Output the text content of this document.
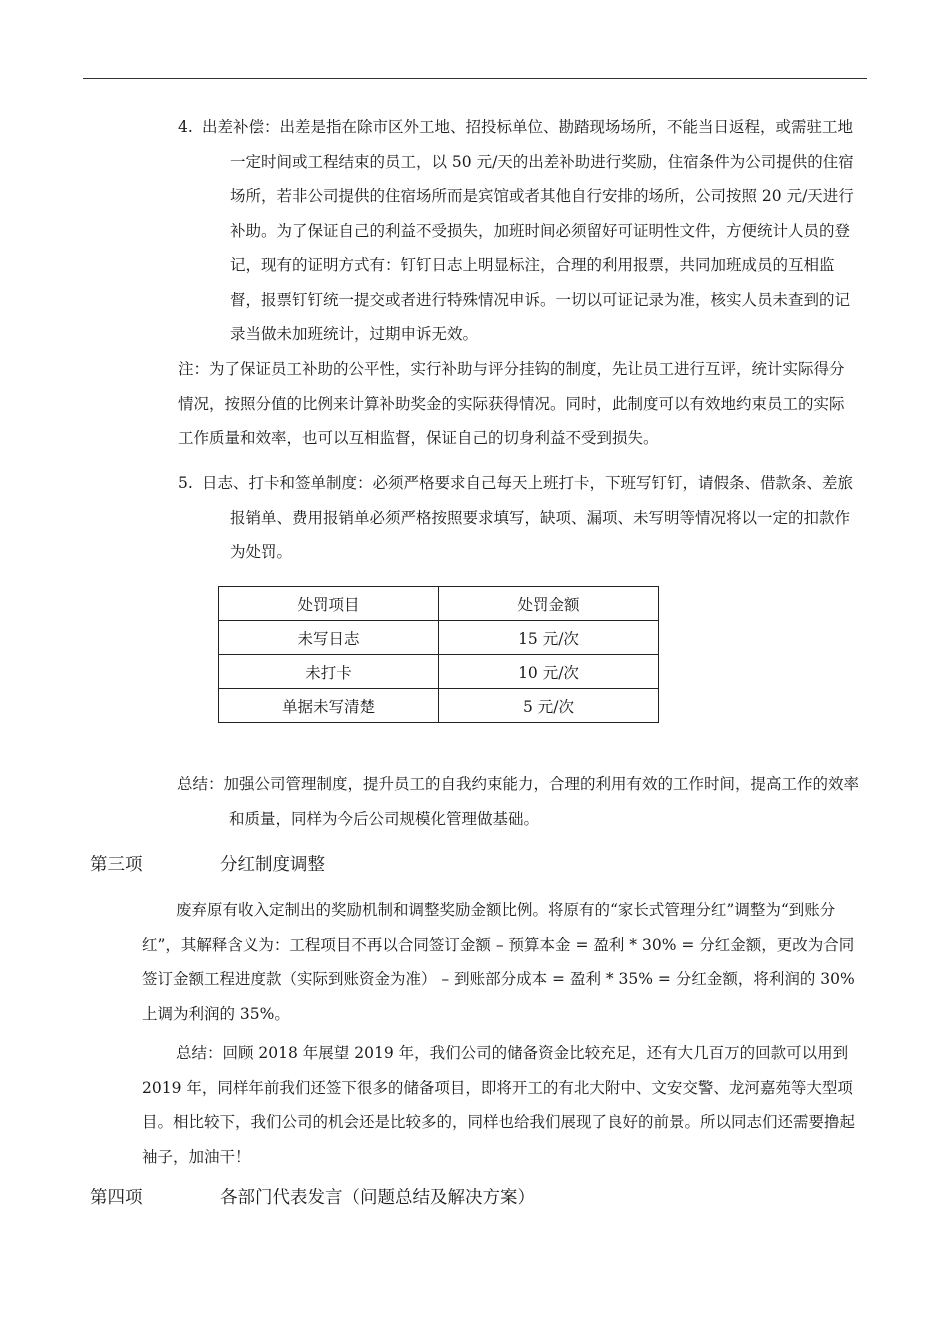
4. 出差补偿：出差是指在除市区外工地、招投标单位、勘踏现场场所，不能当日返程，或需驻工地一定时间或工程结束的员工，以 50 元/天的出差补助进行奖励，住宿条件为公司提供的住宿场所，若非公司提供的住宿场所而是宾馆或者其他自行安排的场所，公司按照 20 元/天进行补助。为了保证自己的利益不受损失，加班时间必须留好可证明性文件，方便统计人员的登记，现有的证明方式有：钉钉日志上明显标注，合理的利用报票，共同加班成员的互相监督，报票钉钉统一提交或者进行特殊情况申诉。一切以可证记录为准，核实人员未查到的记录当做未加班统计，过期申诉无效。

注：为了保证员工补助的公平性，实行补助与评分挂钩的制度，先让员工进行互评，统计实际得分情况，按照分值的比例来计算补助奖金的实际获得情况。同时，此制度可以有效地约束员工的实际工作质量和效率，也可以互相监督，保证自己的切身利益不受到损失。

5. 日志、打卡和签单制度：必须严格要求自己每天上班打卡，下班写钉钉，请假条、借款条、差旅报销单、费用报销单必须严格按照要求填写，缺项、漏项、未写明等情况将以一定的扣款作为处罚。

处罚项目	处罚金额
未写日志	15 元/次
未打卡	10 元/次
单据未写清楚	5 元/次

总结：加强公司管理制度，提升员工的自我约束能力，合理的利用有效的工作时间，提高工作的效率和质量，同样为今后公司规模化管理做基础。

第三项	分红制度调整

废弃原有收入定制出的奖励机制和调整奖励金额比例。将原有的“家长式管理分红”调整为“到账分红”，其解释含义为：工程项目不再以合同签订金额 – 预算本金 = 盈利 * 30% = 分红金额，更改为合同签订金额工程进度款（实际到账资金为准） – 到账部分成本 = 盈利 * 35% = 分红金额，将利润的 30%上调为利润的 35%。

总结：回顾 2018 年展望 2019 年，我们公司的储备资金比较充足，还有大几百万的回款可以用到 2019 年，同样年前我们还签下很多的储备项目，即将开工的有北大附中、文安交警、龙河嘉苑等大型项目。相比较下，我们公司的机会还是比较多的，同样也给我们展现了良好的前景。所以同志们还需要撸起袖子，加油干！

第四项	各部门代表发言（问题总结及解决方案）
